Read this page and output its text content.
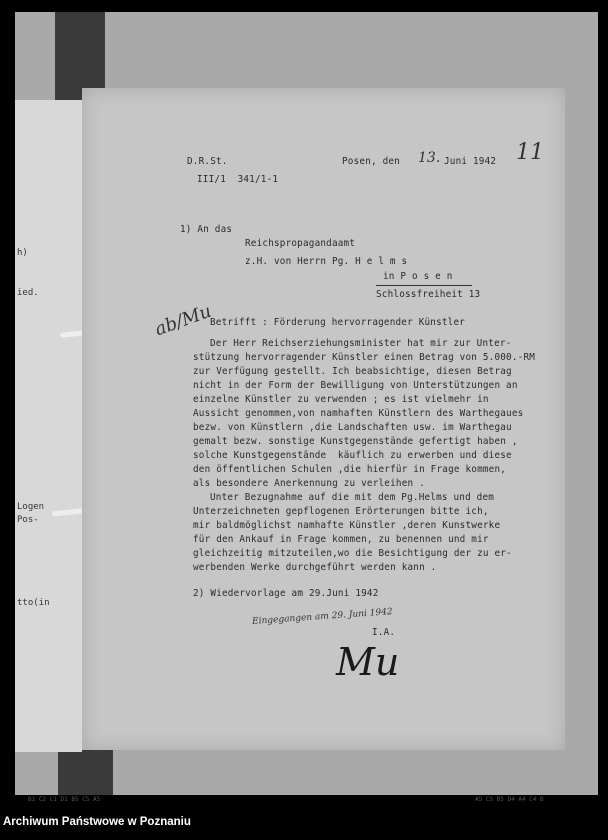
h)
ied.
Logen
Pos-
tto(in
D.R.St.
III/1  341/1-1
Posen, den 13. Juni 1942 11
1) An das
Reichspropagandaamt
z.H. von Herrn Pg. H e l m s
in P o s e n
Schlossfreiheit 13
ab/Mu
Betrifft : Förderung hervorragender Künstler
Der Herr Reichserziehungsminister hat mir zur Unter-
stützung hervorragender Künstler einen Betrag von 5.000.-RM
zur Verfügung gestellt. Ich beabsichtige, diesen Betrag
nicht in der Form der Bewilligung von Unterstützungen an
einzelne Künstler zu verwenden ; es ist vielmehr in
Aussicht genommen,von namhaften Künstlern des Warthegaues
bezw. von Künstlern ,die Landschaften usw. im Warthegau
gemalt bezw. sonstige Kunstgegenstände gefertigt haben ,
solche Kunstgegenstände  käuflich zu erwerben und diese
den öffentlichen Schulen ,die hierfür in Frage kommen,
als besondere Anerkennung zu verleihen .
Unter Bezugnahme auf die mit dem Pg.Helms und dem
Unterzeichneten gepflogenen Erörterungen bitte ich,
mir baldmöglichst namhafte Künstler ,deren Kunstwerke
für den Ankauf in Frage kommen, zu benennen und mir
gleichzeitig mitzuteilen,wo die Besichtigung der zu er-
werbenden Werke durchgeführt werden kann .
2) Wiedervorlage am 29.Juni 1942
Eingegangen am 29. Juni 1942
I.A.
Mu
B1 C2 C1 D1 B5 C5 A5	A5 C5 B5 D4 A4 C4 B
Archiwum Państwowe w Poznaniu
